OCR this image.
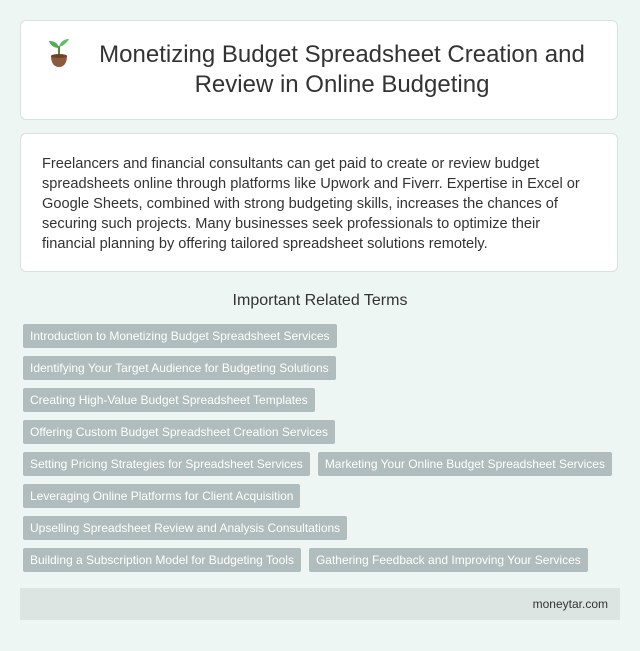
Monetizing Budget Spreadsheet Creation and Review in Online Budgeting

Freelancers and financial consultants can get paid to create or review budget spreadsheets online through platforms like Upwork and Fiverr. Expertise in Excel or Google Sheets, combined with strong budgeting skills, increases the chances of securing such projects. Many businesses seek professionals to optimize their financial planning by offering tailored spreadsheet solutions remotely.

Important Related Terms
Introduction to Monetizing Budget Spreadsheet Services
Identifying Your Target Audience for Budgeting Solutions
Creating High-Value Budget Spreadsheet Templates
Offering Custom Budget Spreadsheet Creation Services
Setting Pricing Strategies for Spreadsheet Services	Marketing Your Online Budget Spreadsheet Services
Leveraging Online Platforms for Client Acquisition
Upselling Spreadsheet Review and Analysis Consultations
Building a Subscription Model for Budgeting Tools	Gathering Feedback and Improving Your Services
moneytar.com
